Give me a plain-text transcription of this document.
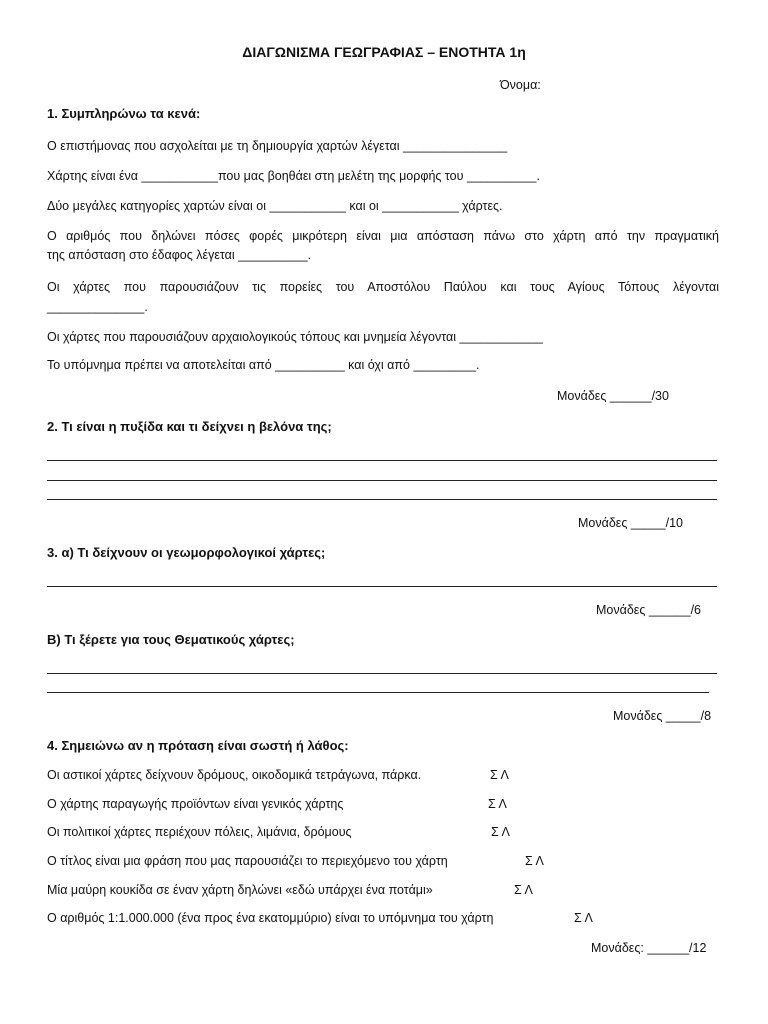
ΔΙΑΓΩΝΙΣΜΑ ΓΕΩΓΡΑΦΙΑΣ – ΕΝΟΤΗΤΑ 1η
Όνομα:
1. Συμπληρώνω τα κενά:
Ο επιστήμονας που ασχολείται με τη δημιουργία χαρτών λέγεται _______________
Χάρτης είναι ένα ___________που μας βοηθάει στη μελέτη της μορφής του __________.
Δύο μεγάλες κατηγορίες χαρτών είναι οι ___________ και οι ___________ χάρτες.
Ο αριθμός που δηλώνει πόσες φορές μικρότερη είναι μια απόσταση πάνω στο χάρτη από την πραγματική
της απόσταση στο έδαφος λέγεται __________.
Οι χάρτες που παρουσιάζουν τις πορείες του Αποστόλου Παύλου και τους Αγίους Τόπους λέγονται
______________.
Οι χάρτες που παρουσιάζουν αρχαιολογικούς τόπους και μνημεία λέγονται ____________
Το υπόμνημα πρέπει να αποτελείται από __________ και όχι από _________.
Μονάδες ______/30
2. Τι είναι η πυξίδα και τι δείχνει η βελόνα της;
Μονάδες _____/10
3. α) Τι δείχνουν οι γεωμορφολογικοί χάρτες;
Μονάδες ______/6
Β) Τι ξέρετε για τους Θεματικούς χάρτες;
Μονάδες _____/8
4. Σημειώνω αν η πρόταση είναι σωστή ή λάθος:
Οι αστικοί χάρτες δείχνουν δρόμους, οικοδομικά τετράγωνα, πάρκα.	Σ Λ
Ο χάρτης παραγωγής προϊόντων είναι γενικός χάρτης	Σ Λ
Οι πολιτικοί χάρτες περιέχουν πόλεις, λιμάνια, δρόμους	Σ Λ
Ο τίτλος είναι μια φράση που μας παρουσιάζει το περιεχόμενο του χάρτη	Σ Λ
Μία μαύρη κουκίδα σε έναν χάρτη δηλώνει «εδώ υπάρχει ένα ποτάμι»	Σ Λ
Ο αριθμός 1:1.000.000 (ένα προς ένα εκατομμύριο) είναι το υπόμνημα του χάρτη	Σ Λ
Μονάδες: ______/12
